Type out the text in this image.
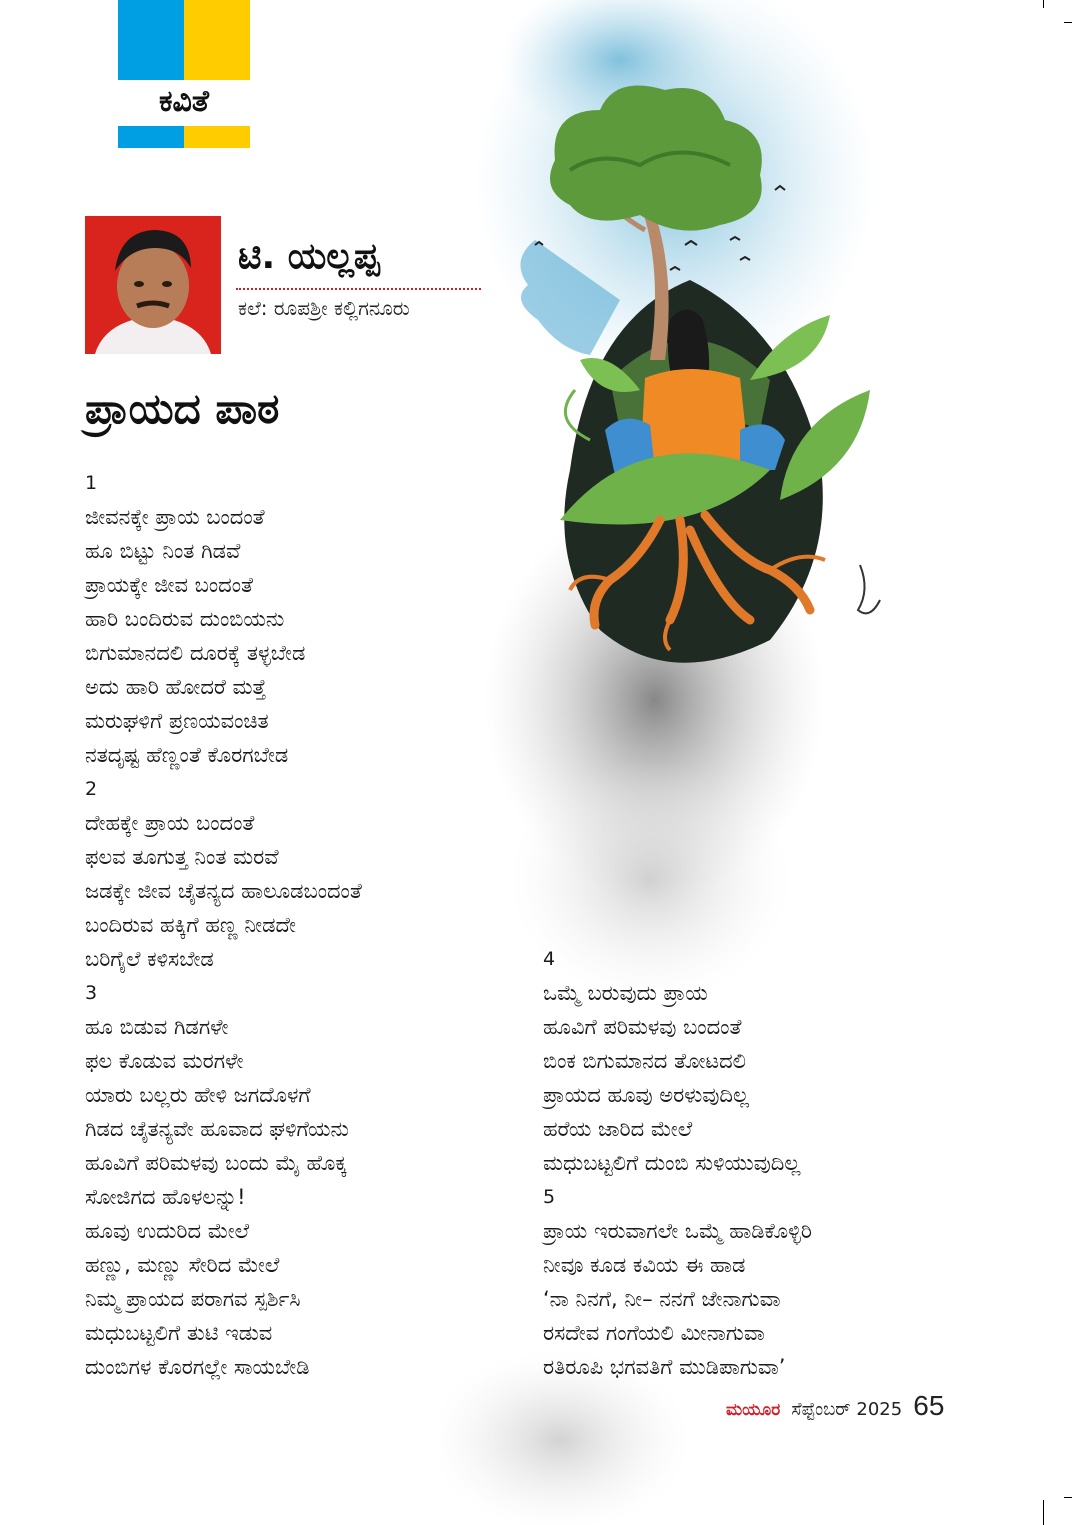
ಕವಿತೆ
ಟಿ. ಯಲ್ಲಪ್ಪ
ಕಲೆ: ರೂಪಶ್ರೀ ಕಲ್ಲಿಗನೂರು
ಪ್ರಾಯದ ಪಾಠ
1
ಜೀವನಕ್ಕೇ ಪ್ರಾಯ ಬಂದಂತೆ
ಹೂ ಬಿಟ್ಟು ನಿಂತ ಗಿಡವೆ
ಪ್ರಾಯಕ್ಕೇ ಜೀವ ಬಂದಂತೆ
ಹಾರಿ ಬಂದಿರುವ ದುಂಬಿಯನು
ಬಿಗುಮಾನದಲಿ ದೂರಕ್ಕೆ ತಳ್ಳಬೇಡ
ಅದು ಹಾರಿ ಹೋದರೆ ಮತ್ತೆ
ಮರುಘಳಿಗೆ ಪ್ರಣಯವಂಚಿತ
ನತದೃಷ್ಟ ಹೆಣ್ಣಂತೆ ಕೊರಗಬೇಡ
2
ದೇಹಕ್ಕೇ ಪ್ರಾಯ ಬಂದಂತೆ
ಫಲವ ತೂಗುತ್ತ ನಿಂತ ಮರವೆ
ಜಡಕ್ಕೇ ಜೀವ ಚೈತನ್ಯದ ಹಾಲೂಡಬಂದಂತೆ
ಬಂದಿರುವ ಹಕ್ಕಿಗೆ ಹಣ್ಣ ನೀಡದೇ
ಬರಿಗೈಲೆ ಕಳಿಸಬೇಡ
3
ಹೂ ಬಿಡುವ ಗಿಡಗಳೇ
ಫಲ ಕೊಡುವ ಮರಗಳೇ
ಯಾರು ಬಲ್ಲರು ಹೇಳಿ ಜಗದೊಳಗೆ
ಗಿಡದ ಚೈತನ್ಯವೇ ಹೂವಾದ ಘಳಿಗೆಯನು
ಹೂವಿಗೆ ಪರಿಮಳವು ಬಂದು ಮೈ ಹೊಕ್ಕ
ಸೋಜಿಗದ ಹೊಳಲನ್ನು!
ಹೂವು ಉದುರಿದ ಮೇಲೆ
ಹಣ್ಣು, ಮಣ್ಣು ಸೇರಿದ ಮೇಲೆ
ನಿಮ್ಮ ಪ್ರಾಯದ ಪರಾಗವ ಸ್ಪರ್ಶಿಸಿ
ಮಧುಬಟ್ಟಲಿಗೆ ತುಟಿ ಇಡುವ
ದುಂಬಿಗಳ ಕೊರಗಲ್ಲೇ ಸಾಯಬೇಡಿ
4
ಒಮ್ಮೆ ಬರುವುದು ಪ್ರಾಯ
ಹೂವಿಗೆ ಪರಿಮಳವು ಬಂದಂತೆ
ಬಿಂಕ ಬಿಗುಮಾನದ ತೋಟದಲಿ
ಪ್ರಾಯದ ಹೂವು ಅರಳುವುದಿಲ್ಲ
ಹರೆಯ ಜಾರಿದ ಮೇಲೆ
ಮಧುಬಟ್ಟಲಿಗೆ ದುಂಬಿ ಸುಳಿಯುವುದಿಲ್ಲ
5
ಪ್ರಾಯ ಇರುವಾಗಲೇ ಒಮ್ಮೆ ಹಾಡಿಕೊಳ್ಳಿರಿ
ನೀವೂ ಕೂಡ ಕವಿಯ ಈ ಹಾಡ
‘ನಾ ನಿನಗೆ, ನೀ– ನನಗೆ ಜೇನಾಗುವಾ
ರಸದೇವ ಗಂಗೆಯಲಿ ಮೀನಾಗುವಾ
ರತಿರೂಪಿ ಭಗವತಿಗೆ ಮುಡಿಪಾಗುವಾ’
ಮಯೂರ ಸೆಪ್ಟೆಂಬರ್ 2025 65
